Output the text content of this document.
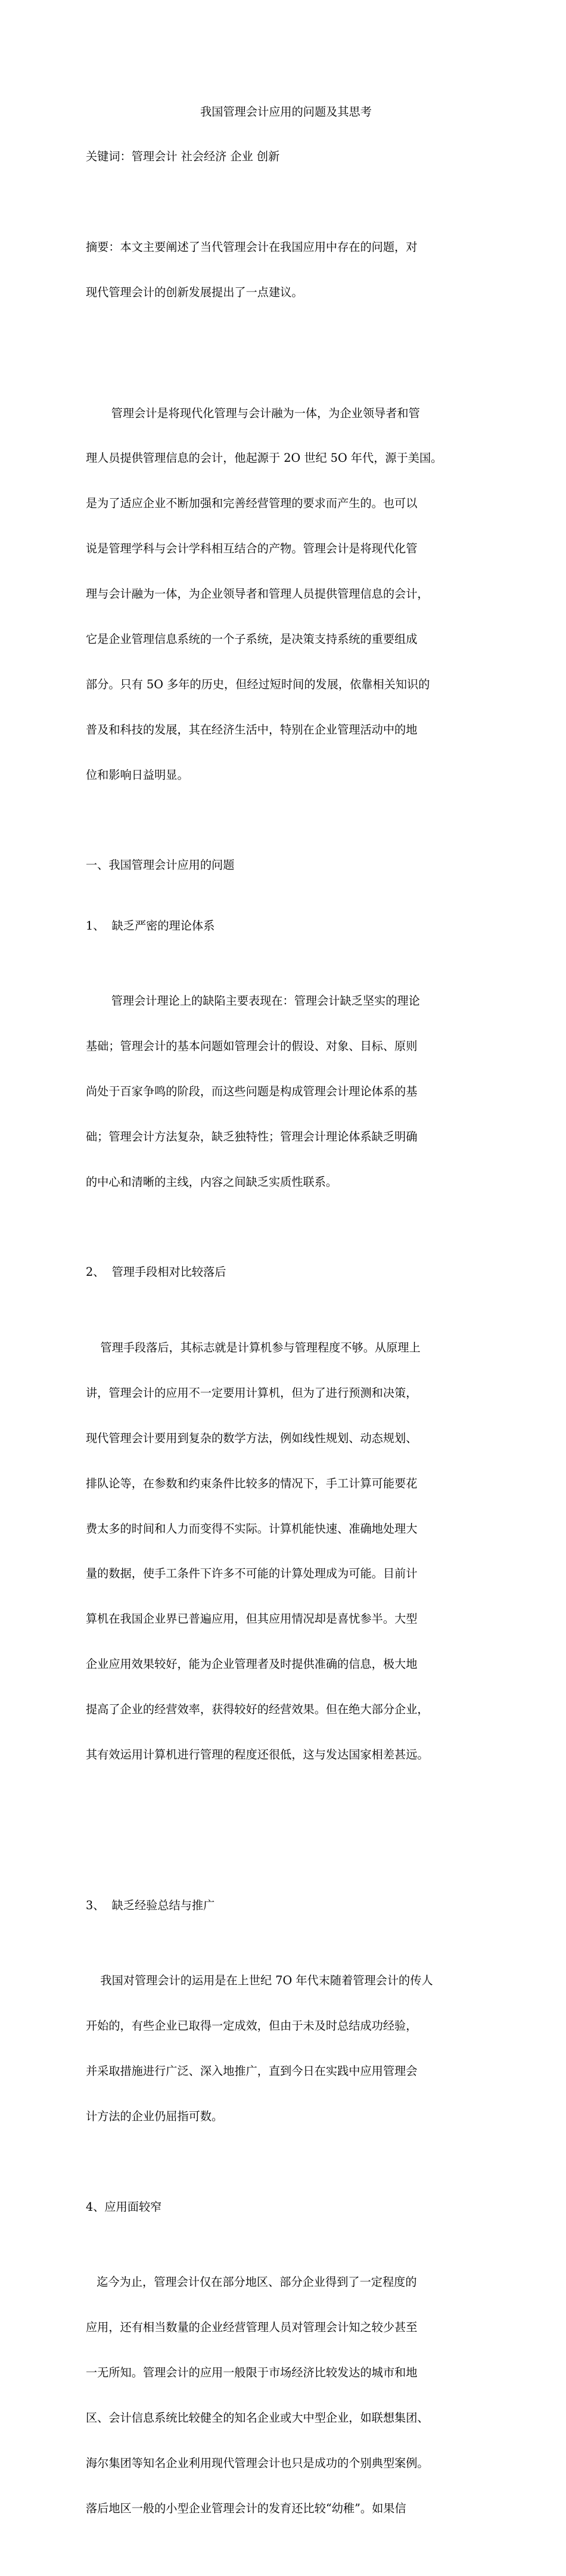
我国管理会计应用的问题及其思考

关键词：管理会计 社会经济 企业 创新

摘要：本文主要阐述了当代管理会计在我国应用中存在的问题，对

现代管理会计的创新发展提出了一点建议。

管理会计是将现代化管理与会计融为一体，为企业领导者和管

理人员提供管理信息的会计，他起源于 2O 世纪 5O 年代，源于美国。

是为了适应企业不断加强和完善经营管理的要求而产生的。也可以

说是管理学科与会计学科相互结合的产物。管理会计是将现代化管

理与会计融为一体，为企业领导者和管理人员提供管理信息的会计，

它是企业管理信息系统的一个子系统，是决策支持系统的重要组成

部分。只有 5O 多年的历史，但经过短时间的发展，依靠相关知识的

普及和科技的发展，其在经济生活中，特别在企业管理活动中的地

位和影响日益明显。

一、我国管理会计应用的问题

1、  缺乏严密的理论体系

管理会计理论上的缺陷主要表现在：管理会计缺乏坚实的理论

基础；管理会计的基本问题如管理会计的假设、对象、目标、原则

尚处于百家争鸣的阶段，而这些问题是构成管理会计理论体系的基

础；管理会计方法复杂，缺乏独特性；管理会计理论体系缺乏明确

的中心和清晰的主线，内容之间缺乏实质性联系。

2、  管理手段相对比较落后

管理手段落后，其标志就是计算机参与管理程度不够。从原理上

讲，管理会计的应用不一定要用计算机，但为了进行预测和决策，

现代管理会计要用到复杂的数学方法，例如线性规划、动态规划、

排队论等，在参数和约束条件比较多的情况下，手工计算可能要花

费太多的时间和人力而变得不实际。计算机能快速、准确地处理大

量的数据，使手工条件下许多不可能的计算处理成为可能。目前计

算机在我国企业界已普遍应用，但其应用情况却是喜忧参半。大型

企业应用效果较好，能为企业管理者及时提供准确的信息，极大地

提高了企业的经营效率，获得较好的经营效果。但在绝大部分企业，

其有效运用计算机进行管理的程度还很低，这与发达国家相差甚远。

3、  缺乏经验总结与推广

我国对管理会计的运用是在上世纪 7O 年代末随着管理会计的传人

开始的，有些企业已取得一定成效，但由于未及时总结成功经验，

并采取措施进行广泛、深入地推广，直到今日在实践中应用管理会

计方法的企业仍屈指可数。

4、应用面较窄

迄今为止，管理会计仅在部分地区、部分企业得到了一定程度的

应用，还有相当数量的企业经营管理人员对管理会计知之较少甚至

一无所知。管理会计的应用一般限于市场经济比较发达的城市和地

区、会计信息系统比较健全的知名企业或大中型企业，如联想集团、

海尔集团等知名企业利用现代管理会计也只是成功的个别典型案例。

落后地区一般的小型企业管理会计的发育还比较“幼稚”。如果信
